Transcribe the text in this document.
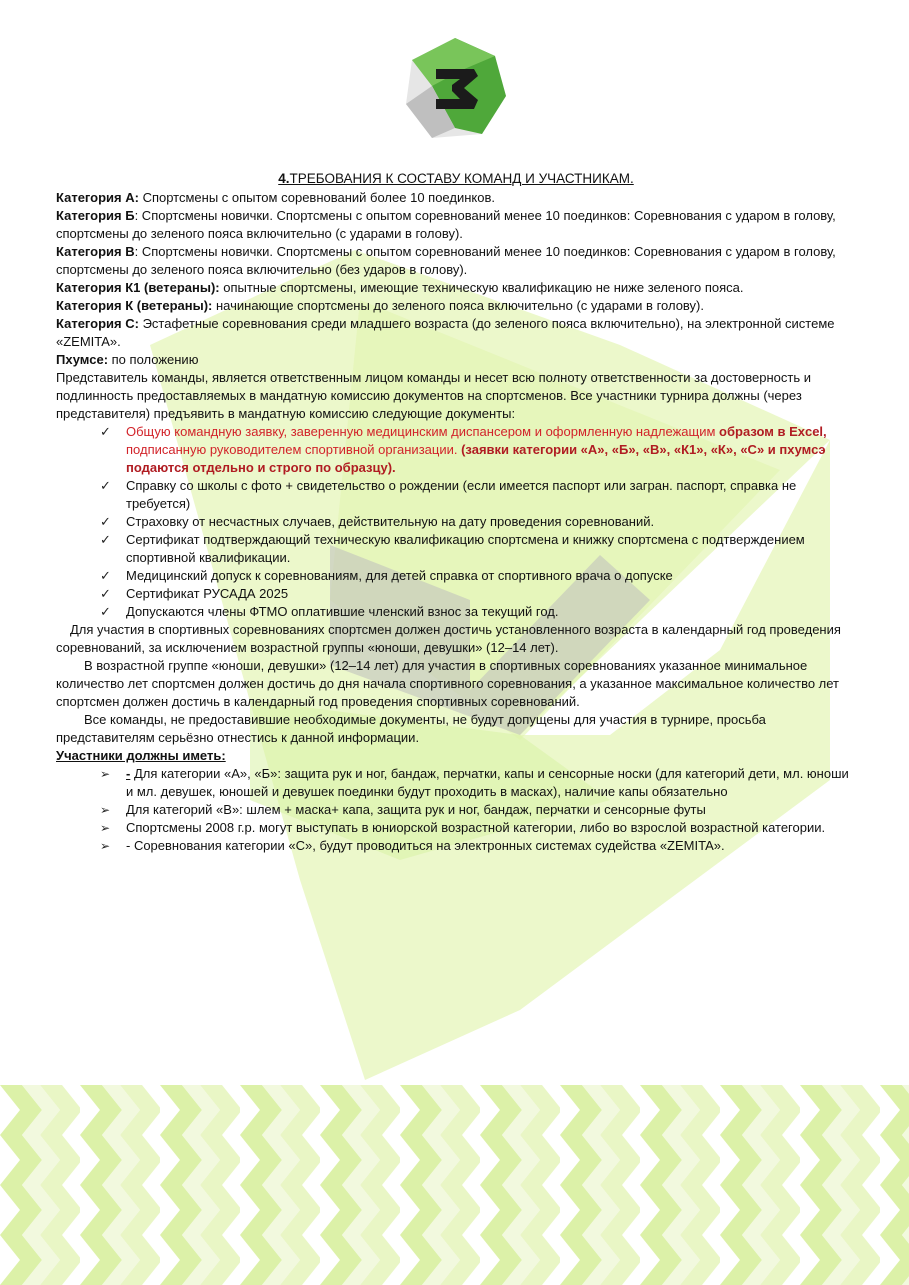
4.ТРЕБОВАНИЯ К СОСТАВУ КОМАНД И УЧАСТНИКАМ.

Категория А: Спортсмены с опытом соревнований более 10 поединков.

Категория Б: Спортсмены новички. Спортсмены с опытом соревнований менее 10 поединков: Соревнования с ударом в голову, спортсмены до зеленого пояса включительно (с ударами в голову).

Категория В: Спортсмены новички. Спортсмены с опытом соревнований менее 10 поединков: Соревнования с ударом в голову, спортсмены до зеленого пояса включительно (без ударов в голову).

Категория К1 (ветераны): опытные спортсмены, имеющие техническую квалификацию не ниже зеленого пояса.

Категория К (ветераны): начинающие спортсмены до зеленого пояса включительно (с ударами в голову).

Категория С: Эстафетные соревнования среди младшего возраста (до зеленого пояса включительно), на электронной системе «ZEMITA».

Пхумсе: по положению

Представитель команды, является ответственным лицом команды и несет всю полноту ответственности за достоверность и подлинность предоставляемых в мандатную комиссию документов на спортсменов. Все участники турнира должны (через представителя) предъявить в мандатную комиссию следующие документы:

✓	Общую командную заявку, заверенную медицинским диспансером и оформленную надлежащим образом в Excel, подписанную руководителем спортивной организации. (заявки категории «А», «Б», «В», «К1», «К», «С» и пхумсэ подаются отдельно и строго по образцу).
✓	Справку со школы с фото + свидетельство о рождении (если имеется паспорт или загран. паспорт, справка не требуется)
✓	Страховку от несчастных случаев, действительную на дату проведения соревнований.
✓	Сертификат подтверждающий техническую квалификацию спортсмена и книжку спортсмена с подтверждением спортивной квалификации.
✓	Медицинский допуск к соревнованиям, для детей справка от спортивного врача о допуске
✓	Сертификат РУСАДА 2025
✓	Допускаются члены ФТМО оплатившие членский взнос за текущий год.

Для участия в спортивных соревнованиях спортсмен должен достичь установленного возраста в календарный год проведения соревнований, за исключением возрастной группы «юноши, девушки» (12–14 лет).

В возрастной группе «юноши, девушки» (12–14 лет) для участия в спортивных соревнованиях указанное минимальное количество лет спортсмен должен достичь до дня начала спортивного соревнования, а указанное максимальное количество лет спортсмен должен достичь в календарный год проведения спортивных соревнований.

Все команды, не предоставившие необходимые документы, не будут допущены для участия в турнире, просьба представителям серьёзно отнестись к данной информации.

Участники должны иметь:

➢	- Для категории «А», «Б»: защита рук и ног, бандаж, перчатки, капы и сенсорные носки (для категорий дети, мл. юноши и мл. девушек, юношей и девушек поединки будут проходить в масках), наличие капы обязательно
➢	Для категорий «В»: шлем + маска+ капа, защита рук и ног, бандаж, перчатки и сенсорные футы
➢	Спортсмены 2008 г.р. могут выступать в юниорской возрастной категории, либо во взрослой возрастной категории.
➢	- Соревнования категории «С», будут проводиться на электронных системах судейства «ZEMITA».
